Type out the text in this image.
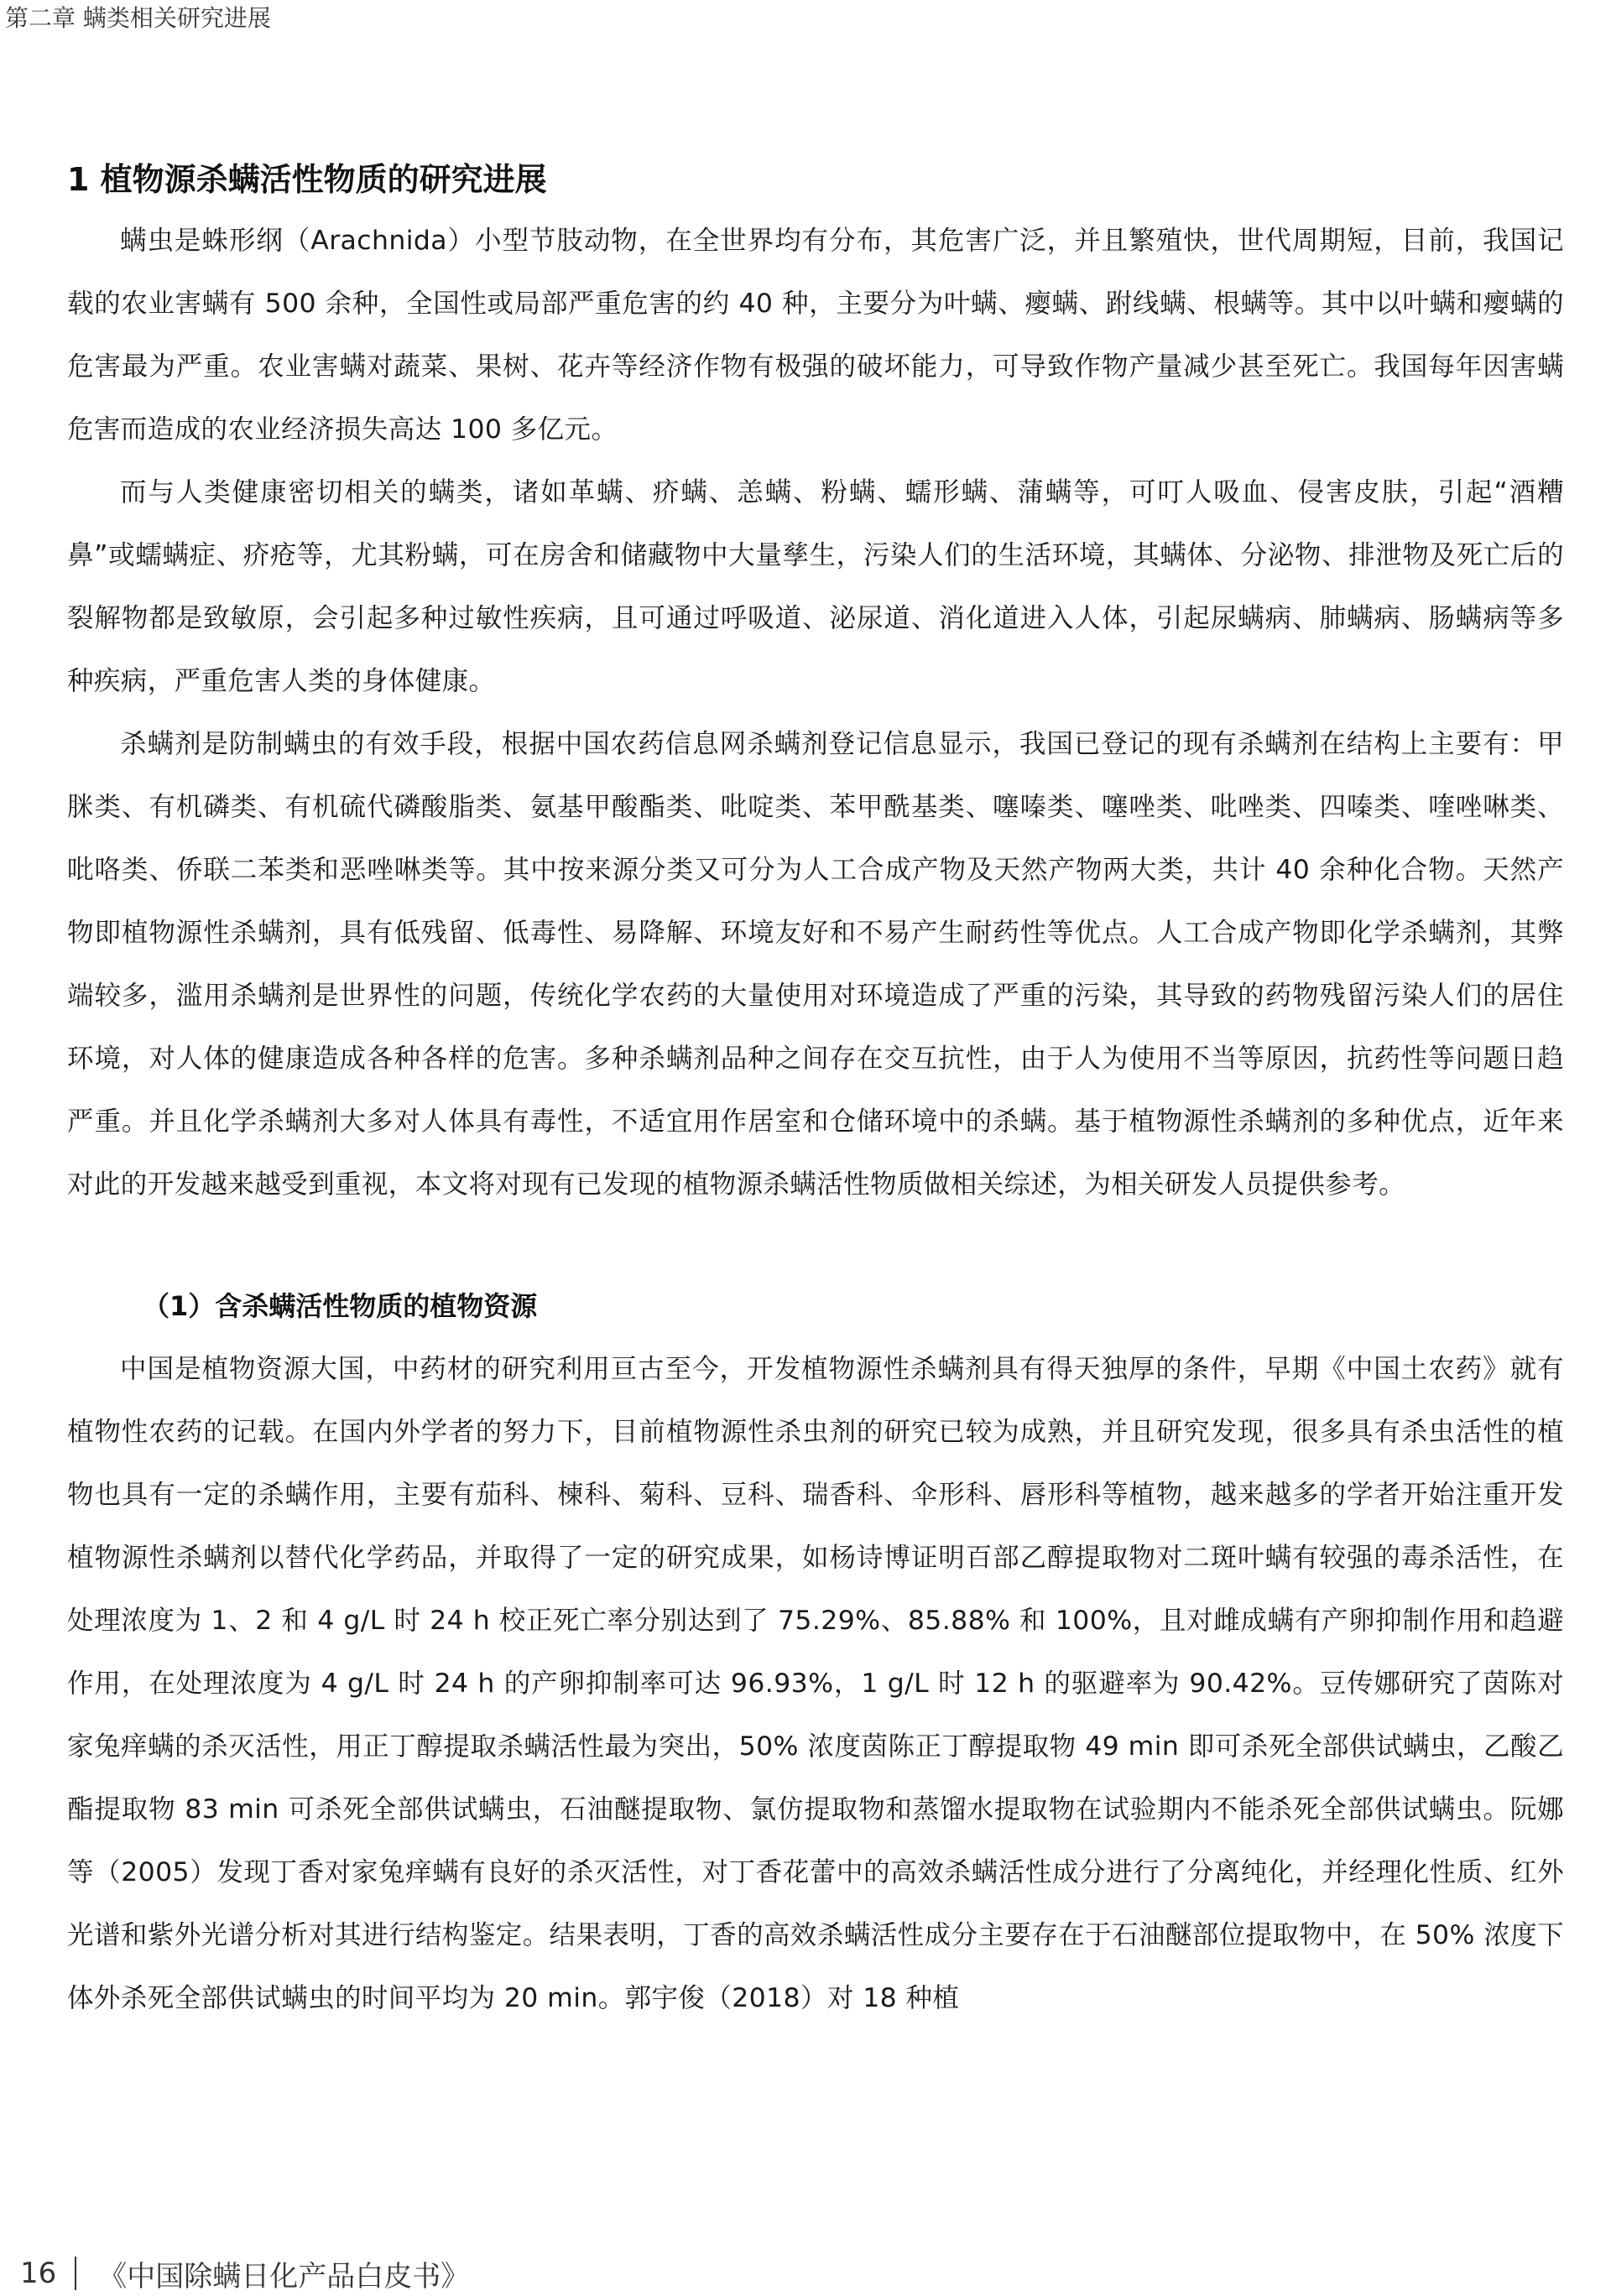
第二章 螨类相关研究进展
1 植物源杀螨活性物质的研究进展

螨虫是蛛形纲（Arachnida）小型节肢动物，在全世界均有分布，其危害广泛，并且繁殖快，世代周期短，目前，我国记载的农业害螨有 500 余种，全国性或局部严重危害的约 40 种，主要分为叶螨、瘿螨、跗线螨、根螨等。其中以叶螨和瘿螨的危害最为严重。农业害螨对蔬菜、果树、花卉等经济作物有极强的破坏能力，可导致作物产量减少甚至死亡。我国每年因害螨危害而造成的农业经济损失高达 100 多亿元。

而与人类健康密切相关的螨类，诸如革螨、疥螨、恙螨、粉螨、蠕形螨、蒲螨等，可叮人吸血、侵害皮肤，引起“酒糟鼻”或蠕螨症、疥疮等，尤其粉螨，可在房舍和储藏物中大量孳生，污染人们的生活环境，其螨体、分泌物、排泄物及死亡后的裂解物都是致敏原，会引起多种过敏性疾病，且可通过呼吸道、泌尿道、消化道进入人体，引起尿螨病、肺螨病、肠螨病等多种疾病，严重危害人类的身体健康。

杀螨剂是防制螨虫的有效手段，根据中国农药信息网杀螨剂登记信息显示，我国已登记的现有杀螨剂在结构上主要有：甲脒类、有机磷类、有机硫代磷酸脂类、氨基甲酸酯类、吡啶类、苯甲酰基类、噻嗪类、噻唑类、吡唑类、四嗪类、喹唑啉类、吡咯类、侨联二苯类和恶唑啉类等。其中按来源分类又可分为人工合成产物及天然产物两大类，共计 40 余种化合物。天然产物即植物源性杀螨剂，具有低残留、低毒性、易降解、环境友好和不易产生耐药性等优点。人工合成产物即化学杀螨剂，其弊端较多，滥用杀螨剂是世界性的问题，传统化学农药的大量使用对环境造成了严重的污染，其导致的药物残留污染人们的居住环境，对人体的健康造成各种各样的危害。多种杀螨剂品种之间存在交互抗性，由于人为使用不当等原因，抗药性等问题日趋严重。并且化学杀螨剂大多对人体具有毒性，不适宜用作居室和仓储环境中的杀螨。基于植物源性杀螨剂的多种优点，近年来对此的开发越来越受到重视，本文将对现有已发现的植物源杀螨活性物质做相关综述，为相关研发人员提供参考。

（1）含杀螨活性物质的植物资源

中国是植物资源大国，中药材的研究利用亘古至今，开发植物源性杀螨剂具有得天独厚的条件，早期《中国土农药》就有植物性农药的记载。在国内外学者的努力下，目前植物源性杀虫剂的研究已较为成熟，并且研究发现，很多具有杀虫活性的植物也具有一定的杀螨作用，主要有茄科、楝科、菊科、豆科、瑞香科、伞形科、唇形科等植物，越来越多的学者开始注重开发植物源性杀螨剂以替代化学药品，并取得了一定的研究成果，如杨诗博证明百部乙醇提取物对二斑叶螨有较强的毒杀活性，在处理浓度为 1、2 和 4 g/L 时 24 h 校正死亡率分别达到了 75.29%、85.88% 和 100%，且对雌成螨有产卵抑制作用和趋避作用，在处理浓度为 4 g/L 时 24 h 的产卵抑制率可达 96.93%，1 g/L 时 12 h 的驱避率为 90.42%。豆传娜研究了茵陈对家兔痒螨的杀灭活性，用正丁醇提取杀螨活性最为突出，50% 浓度茵陈正丁醇提取物 49 min 即可杀死全部供试螨虫，乙酸乙酯提取物 83 min 可杀死全部供试螨虫，石油醚提取物、氯仿提取物和蒸馏水提取物在试验期内不能杀死全部供试螨虫。阮娜等（2005）发现丁香对家兔痒螨有良好的杀灭活性，对丁香花蕾中的高效杀螨活性成分进行了分离纯化，并经理化性质、红外光谱和紫外光谱分析对其进行结构鉴定。结果表明，丁香的高效杀螨活性成分主要存在于石油醚部位提取物中，在 50% 浓度下体外杀死全部供试螨虫的时间平均为 20 min。郭宇俊（2018）对 18 种植

16 《中国除螨日化产品白皮书》
